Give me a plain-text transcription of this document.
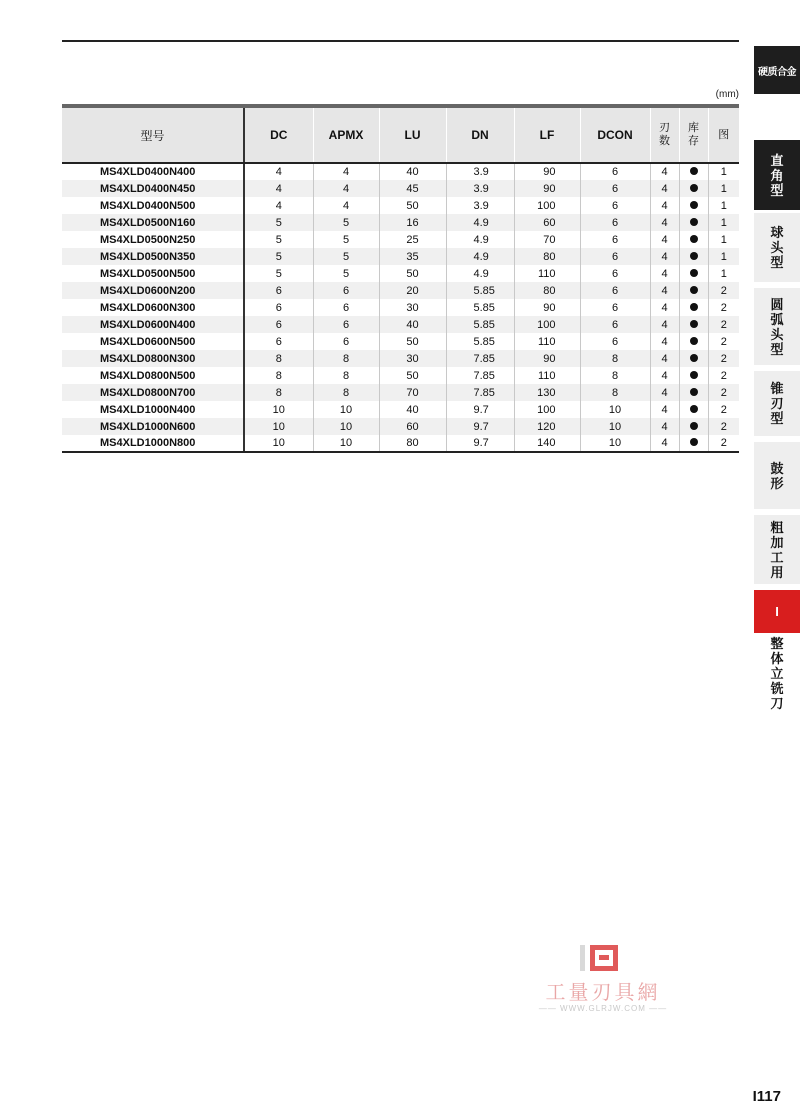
(mm)
型号	DC	APMX	LU	DN	LF	DCON	刃数	库存	图
MS4XLD0400N400	4	4	40	3.9	90	6	4		1
MS4XLD0400N450	4	4	45	3.9	90	6	4		1
MS4XLD0400N500	4	4	50	3.9	100	6	4		1
MS4XLD0500N160	5	5	16	4.9	60	6	4		1
MS4XLD0500N250	5	5	25	4.9	70	6	4		1
MS4XLD0500N350	5	5	35	4.9	80	6	4		1
MS4XLD0500N500	5	5	50	4.9	110	6	4		1
MS4XLD0600N200	6	6	20	5.85	80	6	4		2
MS4XLD0600N300	6	6	30	5.85	90	6	4		2
MS4XLD0600N400	6	6	40	5.85	100	6	4		2
MS4XLD0600N500	6	6	50	5.85	110	6	4		2
MS4XLD0800N300	8	8	30	7.85	90	8	4		2
MS4XLD0800N500	8	8	50	7.85	110	8	4		2
MS4XLD0800N700	8	8	70	7.85	130	8	4		2
MS4XLD1000N400	10	10	40	9.7	100	10	4		2
MS4XLD1000N600	10	10	60	9.7	120	10	4		2
MS4XLD1000N800	10	10	80	9.7	140	10	4		2
硬质合金
直角型
球头型
圆弧头型
锥刃型
鼓形
粗加工用
I
整体立铣刀
工量刃具網
—— WWW.GLRJW.COM ——
I117
